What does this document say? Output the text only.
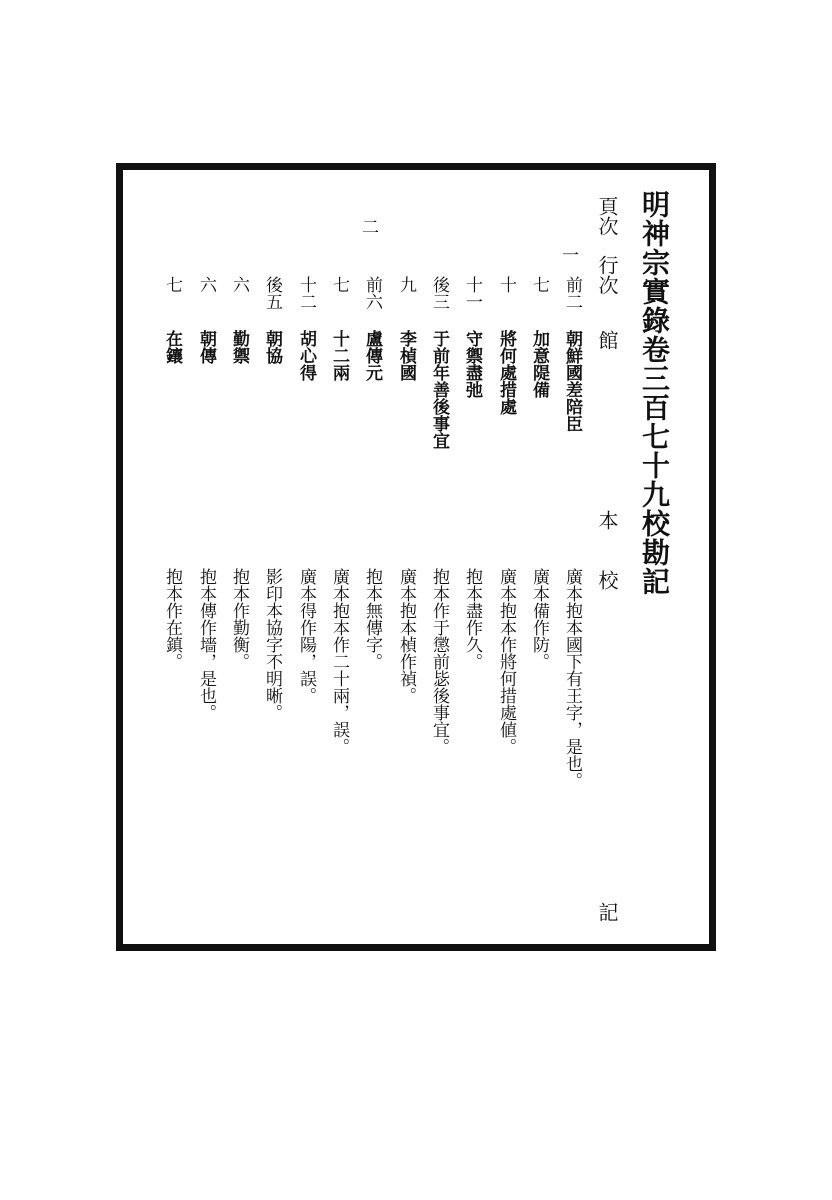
明神宗實錄卷三百七十九校勘記
頁次
行次
館
本
校
記
一
前二
朝鮮國差陪臣
廣本抱本國下有王字，是也。
七
加意隄備
廣本備作防。
十
將何處措處
廣本抱本作將何措處値。
十一
守禦盡弛
抱本盡作久。
後三
于前年善後事宜
抱本作于懲前毖後事宜。
九
李楨國
廣本抱本楨作禎。
二
前六
盧傳元
抱本無傳字。
七
十二兩
廣本抱本作二十兩，誤。
十二
胡心得
廣本得作陽，誤。
後五
朝協
影印本協字不明晰。
六
勤禦
抱本作勤衡。
六
朝傳
抱本傳作墻，是也。
七
在鑲
抱本作在鎮。
